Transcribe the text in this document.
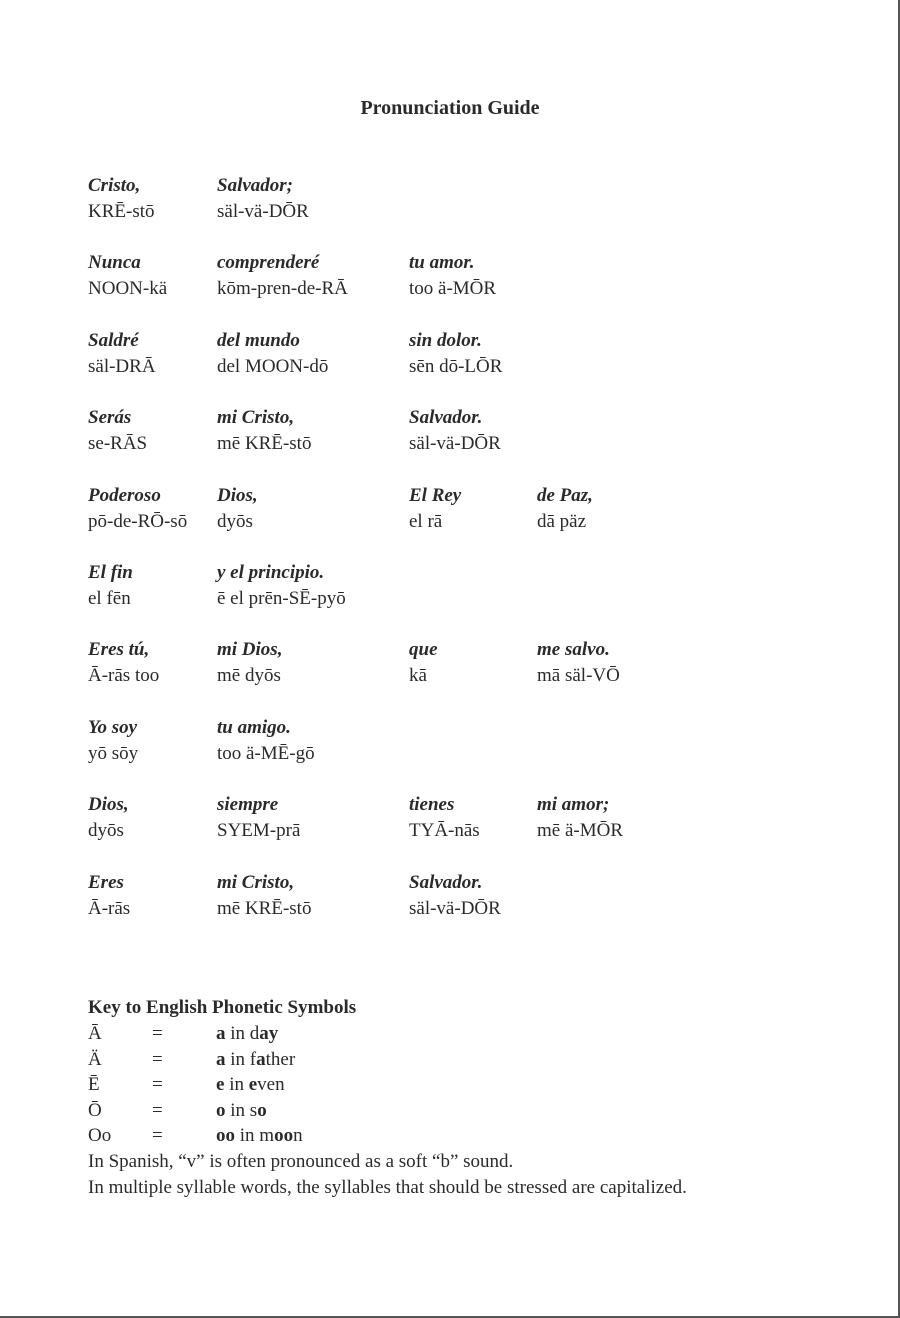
Pronunciation Guide
Cristo,	Salvador;
KRĒ-stō	säl-vä-DŌR
Nunca	comprenderé	tu amor.
NOON-kä	kōm-pren-de-RĀ	too ä-MŌR
Saldré	del mundo	sin dolor.
säl-DRĀ	del MOON-dō	sēn dō-LŌR
Serás	mi Cristo,	Salvador.
se-RĀS	mē KRĒ-stō	säl-vä-DŌR
Poderoso	Dios,	El Rey	de Paz,
pō-de-RŌ-sō	dyōs	el rā	dā päz
El fin	y el principio.
el fēn	ē el prēn-SĒ-pyō
Eres tú,	mi Dios,	que	me salvo.
Ā-rās too	mē dyōs	kā	mā säl-VŌ
Yo soy	tu amigo.
yō sōy	too ä-MĒ-gō
Dios,	siempre	tienes	mi amor;
dyōs	SYEM-prā	TYĀ-nās	mē ä-MŌR
Eres	mi Cristo,	Salvador.
Ā-rās	mē KRĒ-stō	säl-vä-DŌR
Key to English Phonetic Symbols
Ā	=	a in day
Ä	=	a in father
Ē	=	e in even
Ō	=	o in so
Oo	=	oo in moon
In Spanish, “v” is often pronounced as a soft “b” sound.
In multiple syllable words, the syllables that should be stressed are capitalized.
